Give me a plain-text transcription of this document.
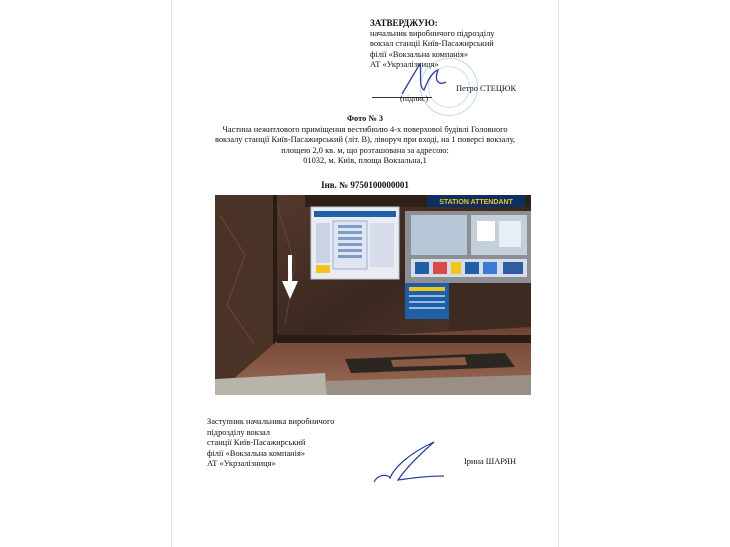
ЗАТВЕРДЖУЮ:
начальник виробничого підрозділу
вокзал станції Київ-Пасажирський
філії «Вокзальна компанія»
АТ «Укрзалізниця»
Петро СТЕЦЮК
(підпис)
Фото № 3
Частина нежитлового приміщення вестибюлю 4-х поверхової будівлі Головного
вокзалу станції Київ-Пасажирський (літ. В), ліворуч при вході, на 1 поверсі вокзалу,
площею 2,0 кв. м, що розташована за адресою:
01032, м. Київ, площа Вокзальна,1
Інв. № 9750100000001
STATION ATTENDANT
Заступник начальника виробничого
підрозділу вокзал
станції Київ-Пасажирський
філії «Вокзальна компанія»
АТ «Укрзалізниця»	Ірина ШАРЯН
